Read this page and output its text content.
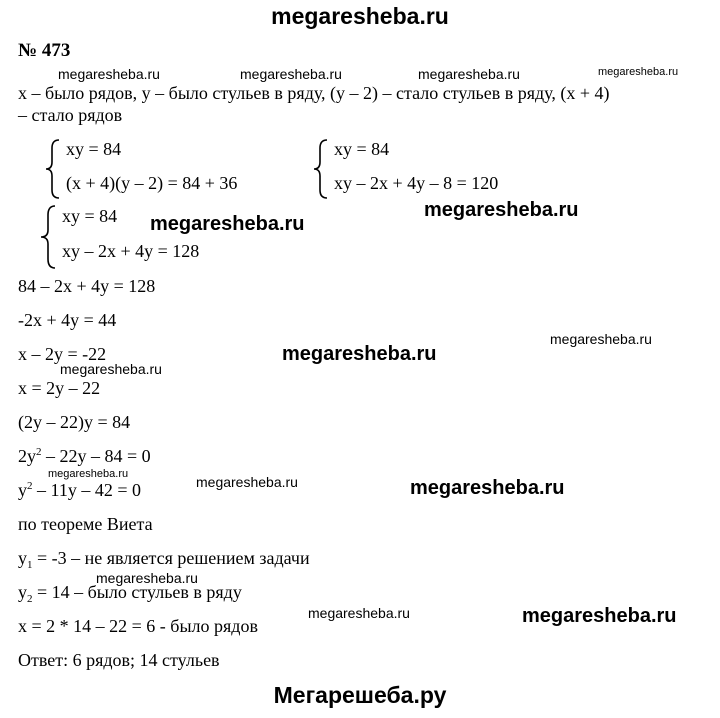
megaresheba.ru
№ 473
x – было рядов, y – было стульев в ряду, (y – 2) – стало стульев в ряду, (x + 4)
– стало рядов
xy = 84
(x + 4)(y – 2) = 84 + 36
xy = 84
xy – 2x + 4y – 8 = 120
xy = 84
xy – 2x + 4y = 128
84 – 2x + 4y = 128
-2x + 4y = 44
x – 2y = -22
x = 2y – 22
(2y – 22)y = 84
$2y^2 - 22y - 84 = 0$
$y^2 - 11y - 42 = 0$
по теореме Виета
$y_1 = -3$ – не является решением задачи
$y_2 = 14$ – было стульев в ряду
x = 2 * 14 – 22 = 6 - было рядов
Ответ: 6 рядов; 14 стульев
megaresheba.ru	megaresheba.ru	megaresheba.ru	megaresheba.ru
megaresheba.ru
megaresheba.ru
megaresheba.ru
megaresheba.ru
megaresheba.ru
megaresheba.ru	megaresheba.ru	megaresheba.ru
megaresheba.ru
megaresheba.ru	megaresheba.ru
Мегарешеба.ру
